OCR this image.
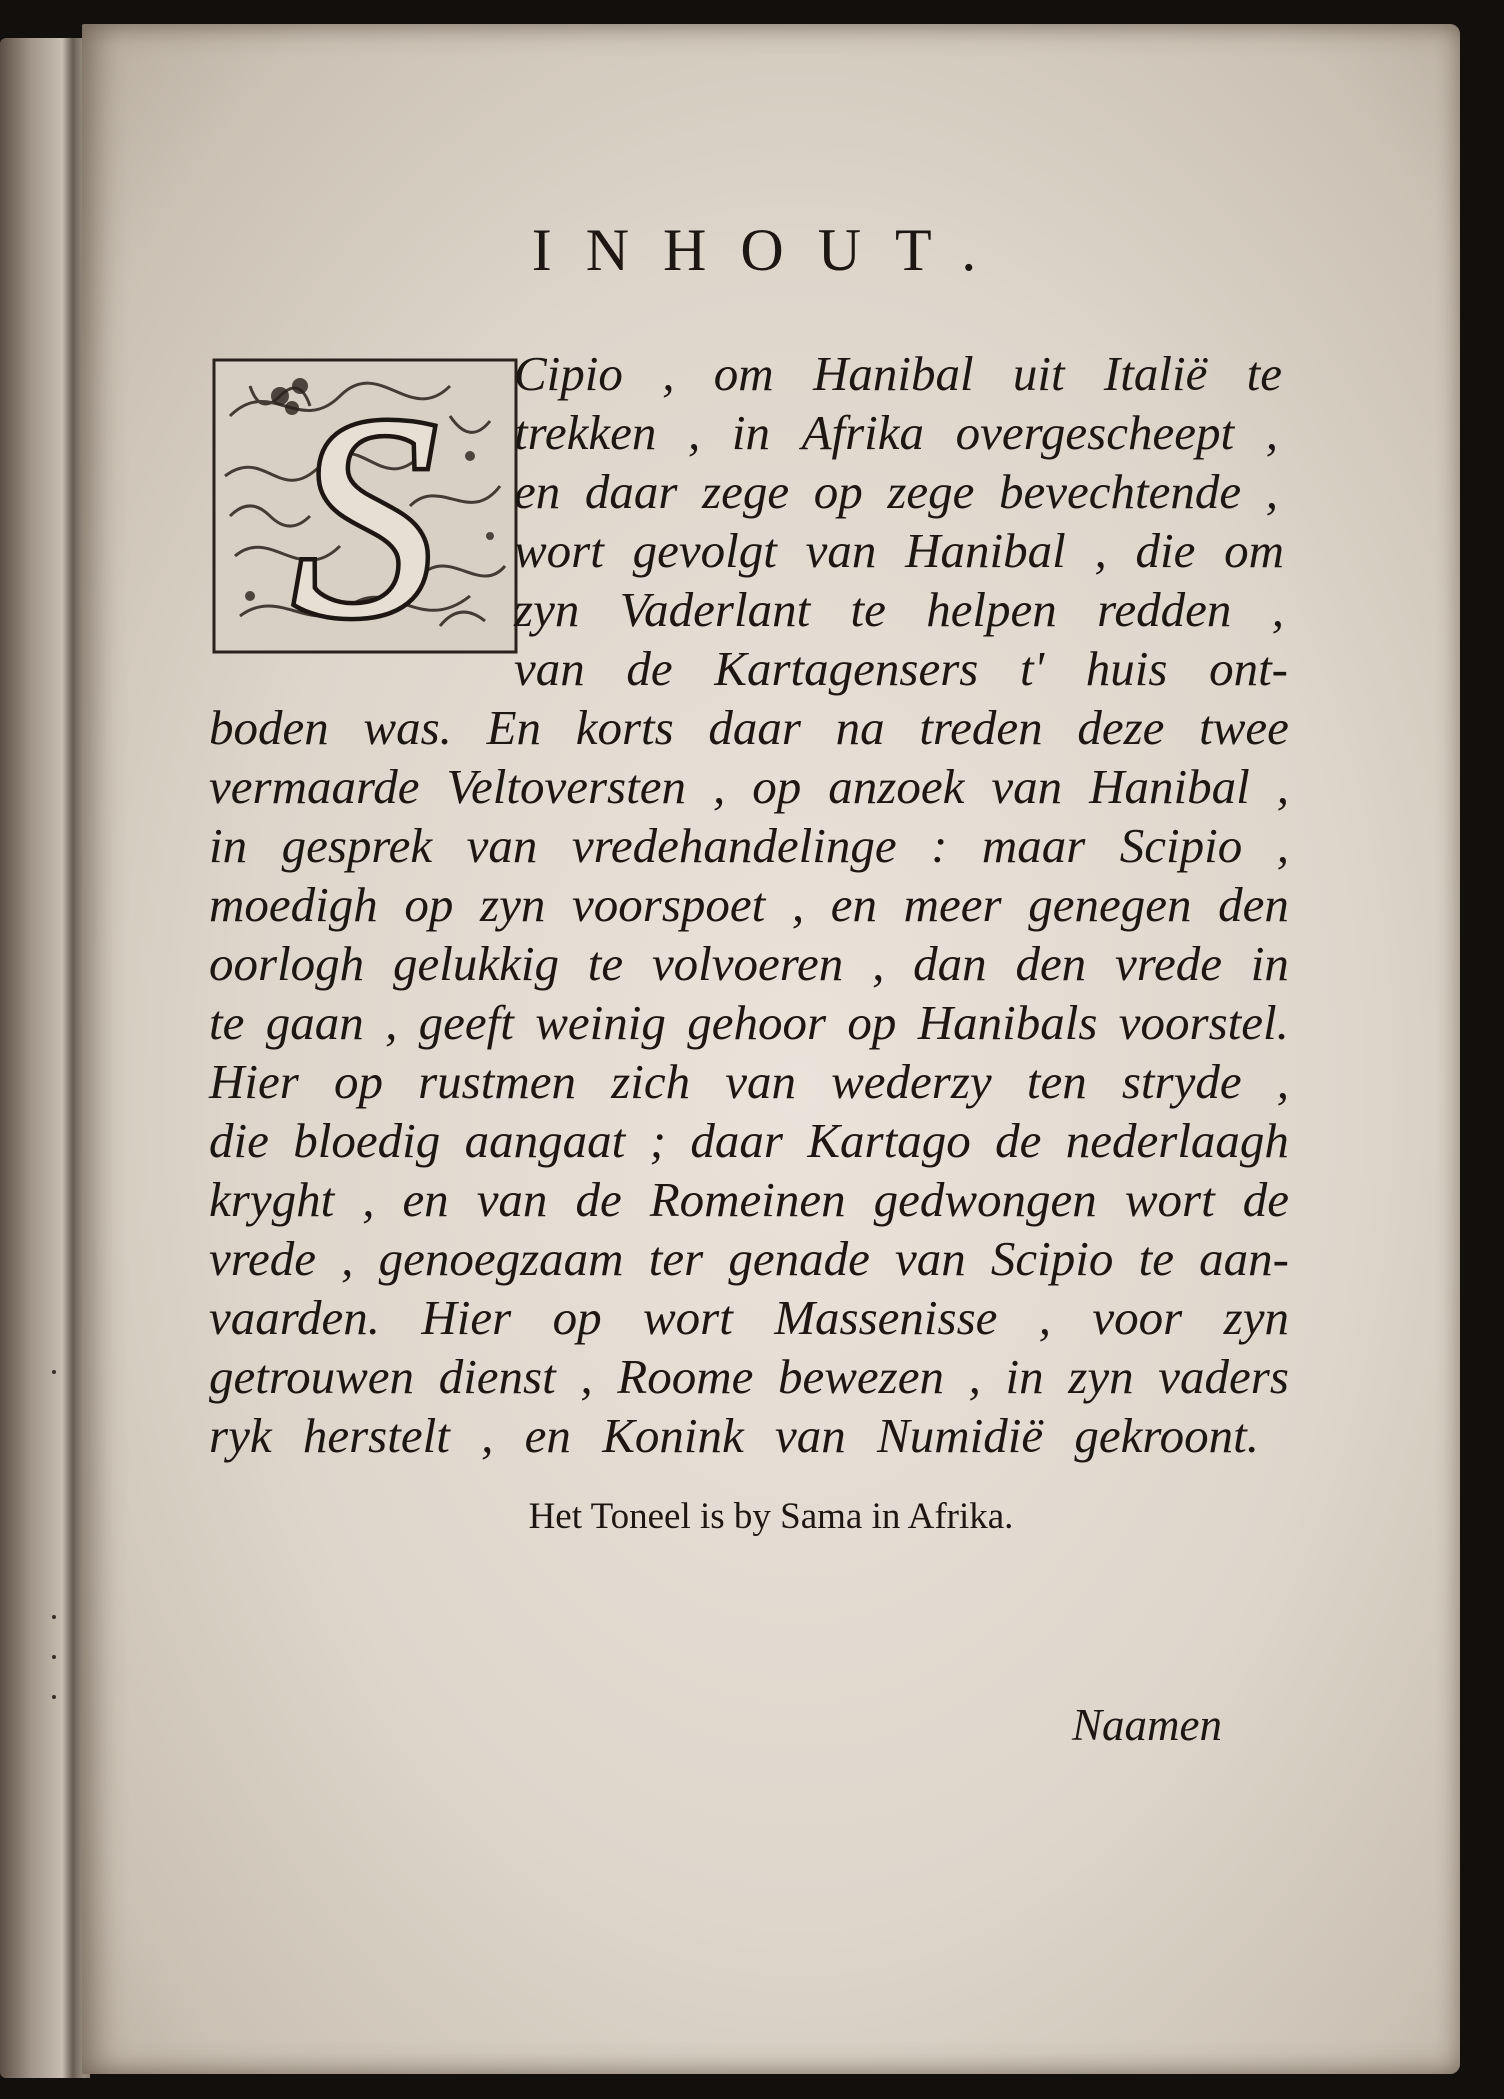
INHOUT.
S Cipio , om Hanibal uit Italië te
trekken , in Afrika overgescheept ,
en daar zege op zege bevechtende ,
wort gevolgt van Hanibal , die om
zyn Vaderlant te helpen redden ,
van de Kartagensers t' huis ont-
boden was. En korts daar na treden deze twee
vermaarde Veltoversten , op anzoek van Hanibal ,
in gesprek van vredehandelinge : maar Scipio ,
moedigh op zyn voorspoet , en meer genegen den
oorlogh gelukkig te volvoeren , dan den vrede in
te gaan , geeft weinig gehoor op Hanibals voorstel.
Hier op rustmen zich van wederzy ten stryde ,
die bloedig aangaat ; daar Kartago de nederlaagh
kryght , en van de Romeinen gedwongen wort de
vrede , genoegzaam ter genade van Scipio te aan-
vaarden. Hier op wort Massenisse , voor zyn
getrouwen dienst , Roome bewezen , in zyn vaders
ryk herstelt , en Konink van Numidië gekroont.
Het Toneel is by Sama in Afrika.
Naamen
